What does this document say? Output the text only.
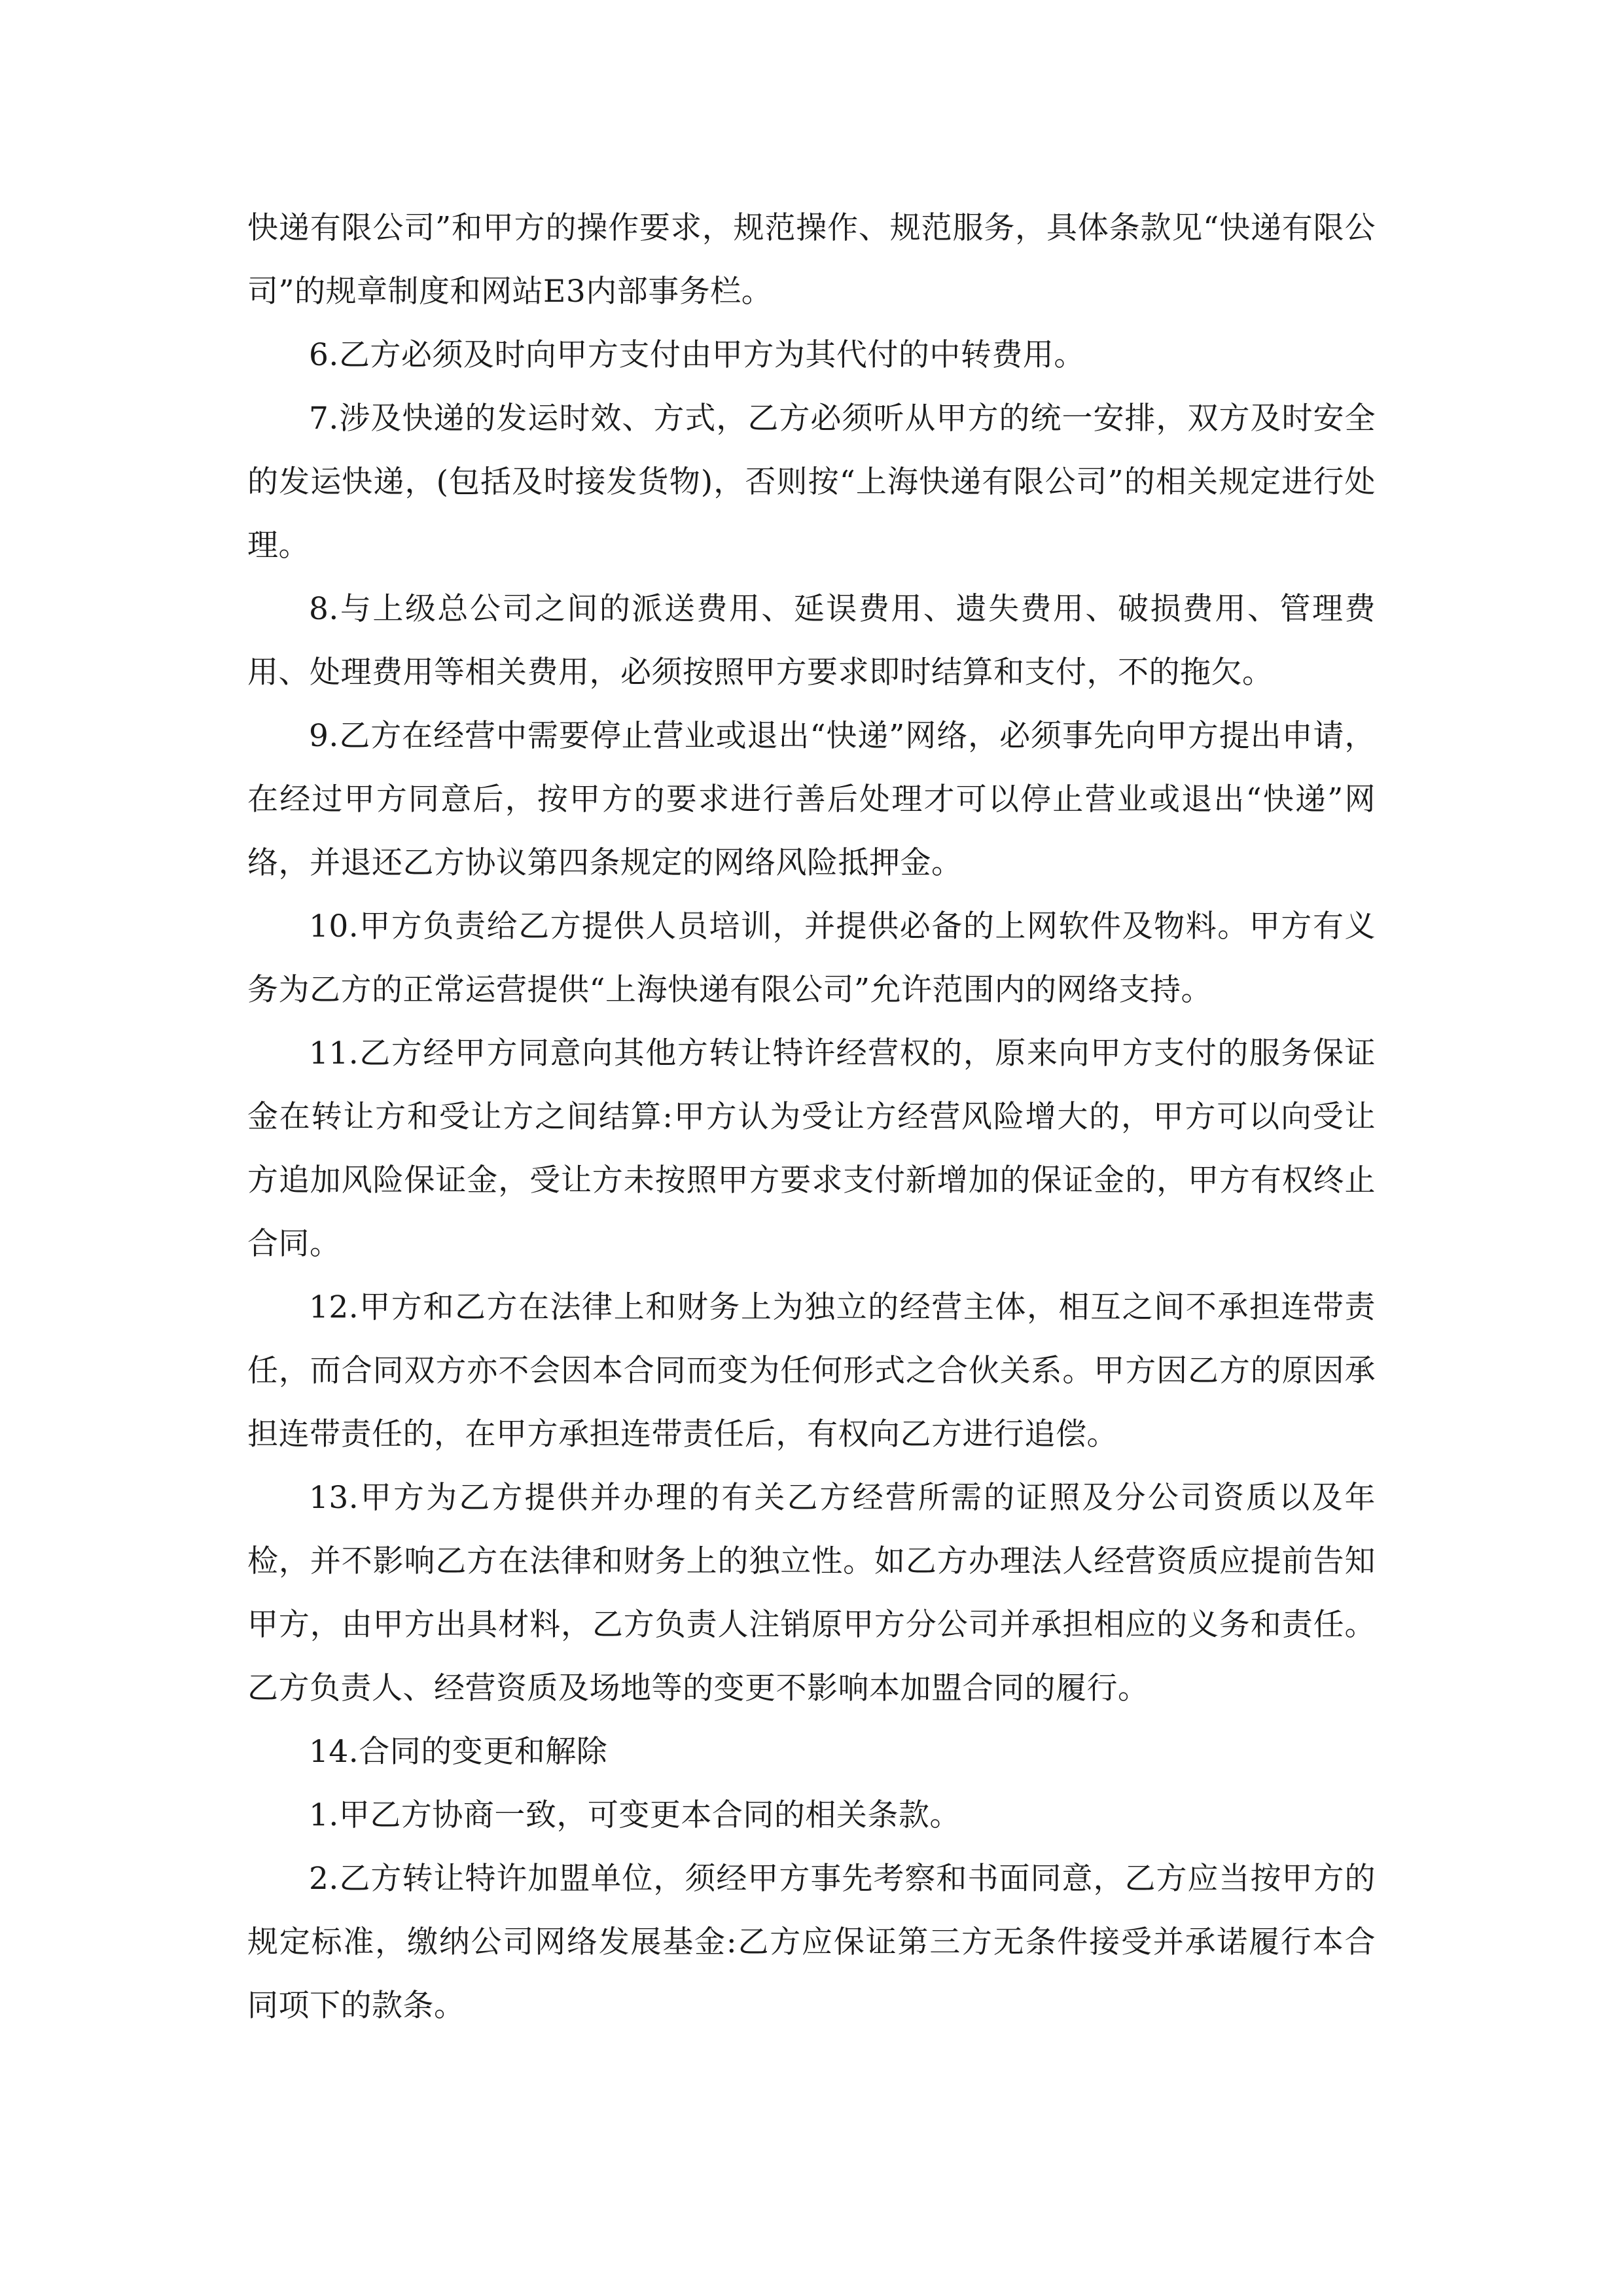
快递有限公司”和甲方的操作要求，规范操作、规范服务，具体条款见“快递有限公司”的规章制度和网站E3内部事务栏。

6.乙方必须及时向甲方支付由甲方为其代付的中转费用。

7.涉及快递的发运时效、方式，乙方必须听从甲方的统一安排，双方及时安全的发运快递，(包括及时接发货物)，否则按“上海快递有限公司”的相关规定进行处理。

8.与上级总公司之间的派送费用、延误费用、遗失费用、破损费用、管理费用、处理费用等相关费用，必须按照甲方要求即时结算和支付，不的拖欠。

9.乙方在经营中需要停止营业或退出“快递”网络，必须事先向甲方提出申请，在经过甲方同意后，按甲方的要求进行善后处理才可以停止营业或退出“快递”网络，并退还乙方协议第四条规定的网络风险抵押金。

10.甲方负责给乙方提供人员培训，并提供必备的上网软件及物料。甲方有义务为乙方的正常运营提供“上海快递有限公司”允许范围内的网络支持。

11.乙方经甲方同意向其他方转让特许经营权的，原来向甲方支付的服务保证金在转让方和受让方之间结算:甲方认为受让方经营风险增大的，甲方可以向受让方追加风险保证金，受让方未按照甲方要求支付新增加的保证金的，甲方有权终止合同。

12.甲方和乙方在法律上和财务上为独立的经营主体，相互之间不承担连带责任，而合同双方亦不会因本合同而变为任何形式之合伙关系。甲方因乙方的原因承担连带责任的，在甲方承担连带责任后，有权向乙方进行追偿。

13.甲方为乙方提供并办理的有关乙方经营所需的证照及分公司资质以及年检，并不影响乙方在法律和财务上的独立性。如乙方办理法人经营资质应提前告知甲方，由甲方出具材料，乙方负责人注销原甲方分公司并承担相应的义务和责任。乙方负责人、经营资质及场地等的变更不影响本加盟合同的履行。

14.合同的变更和解除

1.甲乙方协商一致，可变更本合同的相关条款。

2.乙方转让特许加盟单位，须经甲方事先考察和书面同意，乙方应当按甲方的规定标准，缴纳公司网络发展基金:乙方应保证第三方无条件接受并承诺履行本合同项下的款条。
